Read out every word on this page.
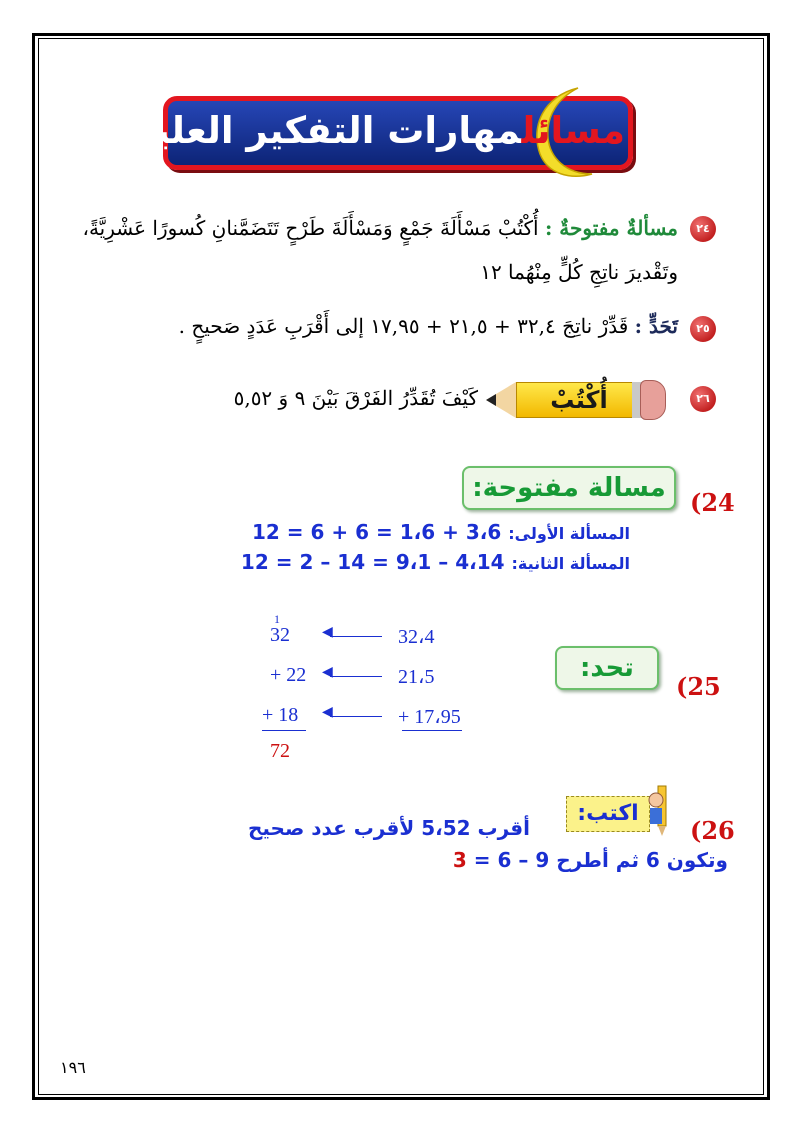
مسائلمهارات التفكير العليا:
٢٤
مسألةٌ مفتوحةٌ : أُكْتُبْ مَسْأَلَةَ جَمْعٍ وَمَسْأَلَةَ طَرْحٍ تَتَضَمَّنانِ كُسورًا عَشْرِيَّةً،
وتَقْديرَ ناتِجِ كُلٍّ مِنْهُما ١٢
٢٥
تَحَدٍّ : قَدِّرْ ناتِجَ ٣٢,٤ + ٢١,٥ + ١٧,٩٥ إلى أَقْرَبِ عَدَدٍ صَحيحٍ .
٢٦
أُكْتُبْ
كَيْفَ تُقَدِّرُ الفَرْقَ بَيْنَ ٩ وَ ٥,٥٢
(24
مسالة مفتوحة:
المسألة الأولى: 3،6 + 1،6 = 6 + 6 = 12
المسألة الثانية: 4،14 – 9،1 = 14 – 2 = 12
(25
تحد:
1
32 ◀	32،4
+ 22 ◀	21،5
+ 18 ◀	+ 17،95
72
(26
اكتب:
أقرب 5،52 لأقرب عدد صحيح
وتكون 6 ثم أطرح 9 – 6 = 3
١٩٦
